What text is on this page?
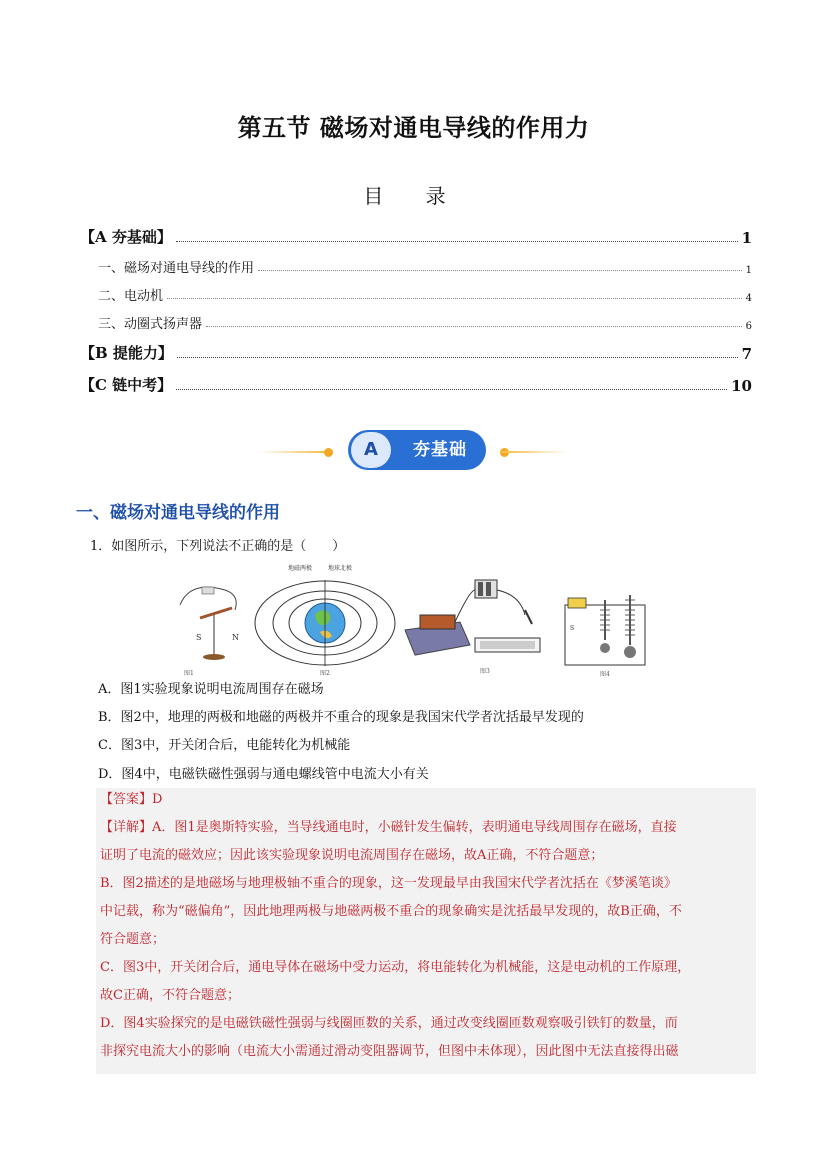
第五节 磁场对通电导线的作用力
目 录
【A 夯基础】	1
一、磁场对通电导线的作用	1
二、电动机	4
三、动圈式扬声器	6
【B 提能力】	7
【C 链中考】	10
A	夯基础
一、磁场对通电导线的作用
1．如图所示，下列说法不正确的是（　　）
S	N
图1
地磁两极	地球北极
图2	图3
S
图4
A．图1实验现象说明电流周围存在磁场
B．图2中，地理的两极和地磁的两极并不重合的现象是我国宋代学者沈括最早发现的
C．图3中，开关闭合后，电能转化为机械能
D．图4中，电磁铁磁性强弱与通电螺线管中电流大小有关
【答案】D
【详解】A．图1是奥斯特实验，当导线通电时，小磁针发生偏转，表明通电导线周围存在磁场，直接
证明了电流的磁效应；因此该实验现象说明电流周围存在磁场，故A正确，不符合题意；
B．图2描述的是地磁场与地理极轴不重合的现象，这一发现最早由我国宋代学者沈括在《梦溪笔谈》
中记载，称为“磁偏角”，因此地理两极与地磁两极不重合的现象确实是沈括最早发现的，故B正确，不
符合题意；
C．图3中，开关闭合后，通电导体在磁场中受力运动，将电能转化为机械能，这是电动机的工作原理，
故C正确，不符合题意；
D．图4实验探究的是电磁铁磁性强弱与线圈匝数的关系，通过改变线圈匝数观察吸引铁钉的数量，而
非探究电流大小的影响（电流大小需通过滑动变阻器调节，但图中未体现），因此图中无法直接得出磁
